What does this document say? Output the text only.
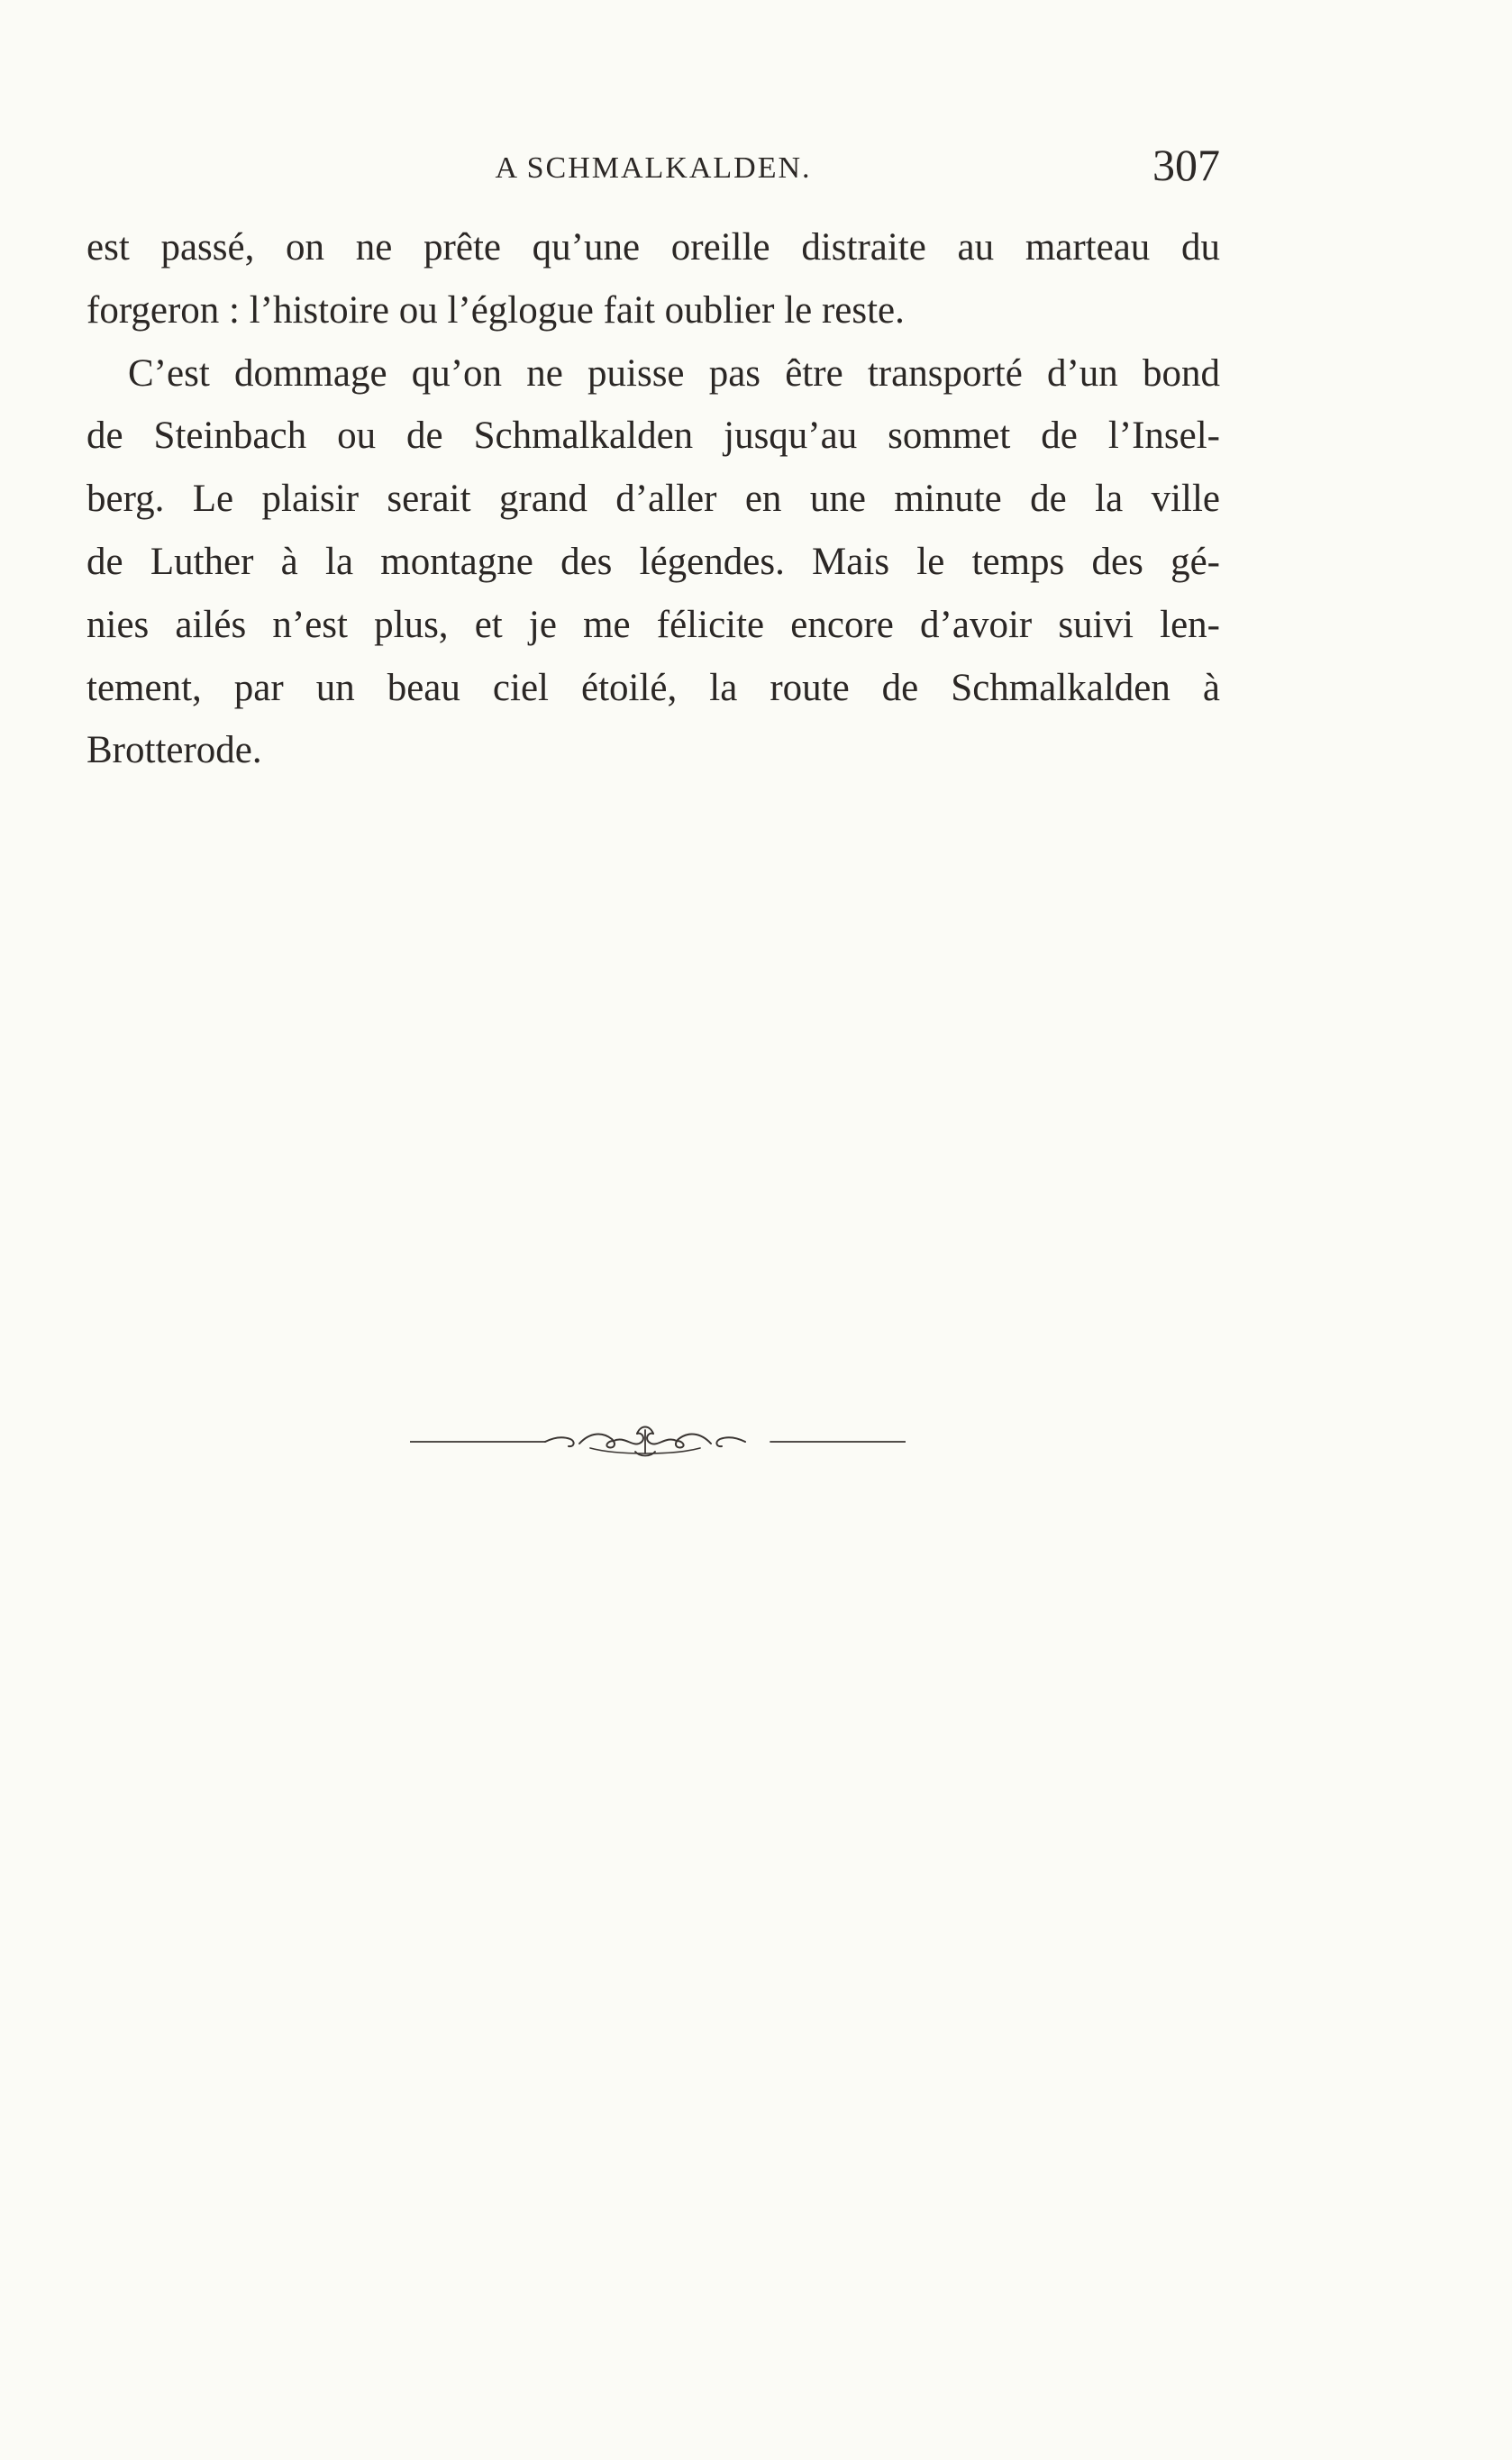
A SCHMALKALDEN.	307

est passé, on ne prête qu’une oreille distraite au marteau du
forgeron : l’histoire ou l’églogue fait oublier le reste.

C’est dommage qu’on ne puisse pas être transporté d’un bond
de Steinbach ou de Schmalkalden jusqu’au sommet de l’Insel-
berg. Le plaisir serait grand d’aller en une minute de la ville
de Luther à la montagne des légendes. Mais le temps des gé-
nies ailés n’est plus, et je me félicite encore d’avoir suivi len-
tement, par un beau ciel étoilé, la route de Schmalkalden à
Brotterode.
